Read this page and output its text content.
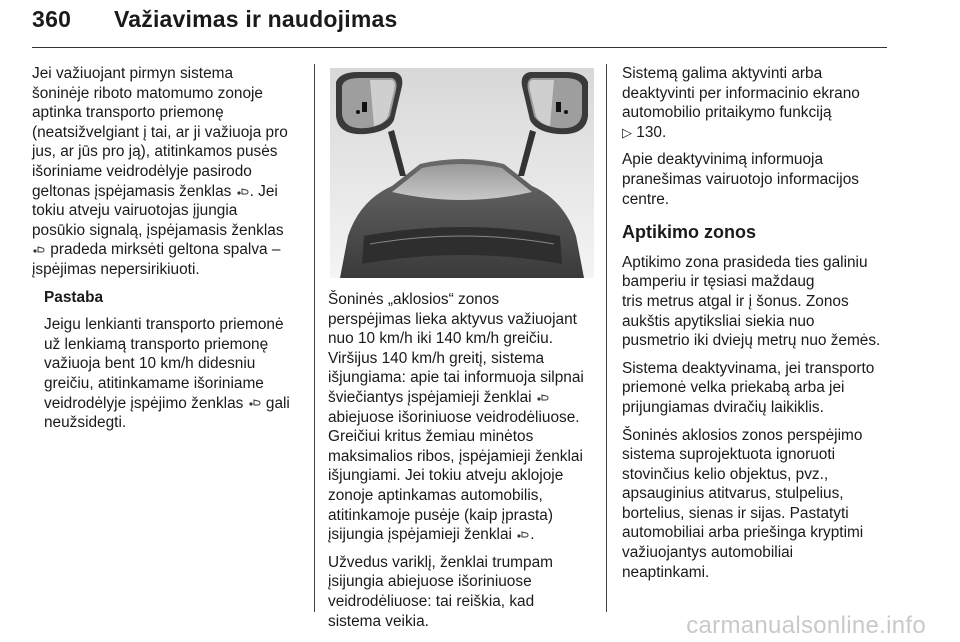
360 Važiavimas ir naudojimas

Jei važiuojant pirmyn sistema
šoninėje riboto matomumo zonoje
aptinka transporto priemonę
(neatsižvelgiant į tai, ar ji važiuoja pro
jus, ar jūs pro ją), atitinkamos pusės
išoriniame veidrodėlyje pasirodo
geltonas įspėjamasis ženklas
. Jei
tokiu atveju vairuotojas įjungia
posūkio signalą, įspėjamasis ženklas

pradeda mirksėti geltona spalva –
įspėjimas nepersirikiuoti.

Pastaba

Jeigu lenkianti transporto priemonė
už lenkiamą transporto priemonę
važiuoja bent 10 km/h didesniu
greičiu, atitinkamame išoriniame
veidrodėlyje įspėjimo ženklas
gali
neužsidegti.

Šoninės „aklosios“ zonos
perspėjimas lieka aktyvus važiuojant
nuo 10 km/h iki 140 km/h greičiu.
Viršijus 140 km/h greitį, sistema
išjungiama: apie tai informuoja silpnai
šviečiantys įspėjamieji ženklai

abiejuose išoriniuose veidrodėliuose.
Greičiui kritus žemiau minėtos
maksimalios ribos, įspėjamieji ženklai
išjungiami. Jei tokiu atveju aklojoje
zonoje aptinkamas automobilis,
atitinkamoje pusėje (kaip įprasta)
įsijungia įspėjamieji ženklai
.

Užvedus variklį, ženklai trumpam
įsijungia abiejuose išoriniuose
veidrodėliuose: tai reiškia, kad
sistema veikia.

Sistemą galima aktyvinti arba
deaktyvinti per informacinio ekrano
automobilio pritaikymo funkciją
▷ 130.

Apie deaktyvinimą informuoja
pranešimas vairuotojo informacijos
centre.

Aptikimo zonos

Aptikimo zona prasideda ties galiniu
bamperiu ir tęsiasi maždaug
tris metrus atgal ir į šonus. Zonos
aukštis apytiksliai siekia nuo
pusmetrio iki dviejų metrų nuo žemės.

Sistema deaktyvinama, jei transporto
priemonė velka priekabą arba jei
prijungiamas dviračių laikiklis.

Šoninės aklosios zonos perspėjimo
sistema suprojektuota ignoruoti
stovinčius kelio objektus, pvz.,
apsauginius atitvarus, stulpelius,
bortelius, sienas ir sijas. Pastatyti
automobiliai arba priešinga kryptimi
važiuojantys automobiliai
neaptinkami.

carmanualsonline.info
